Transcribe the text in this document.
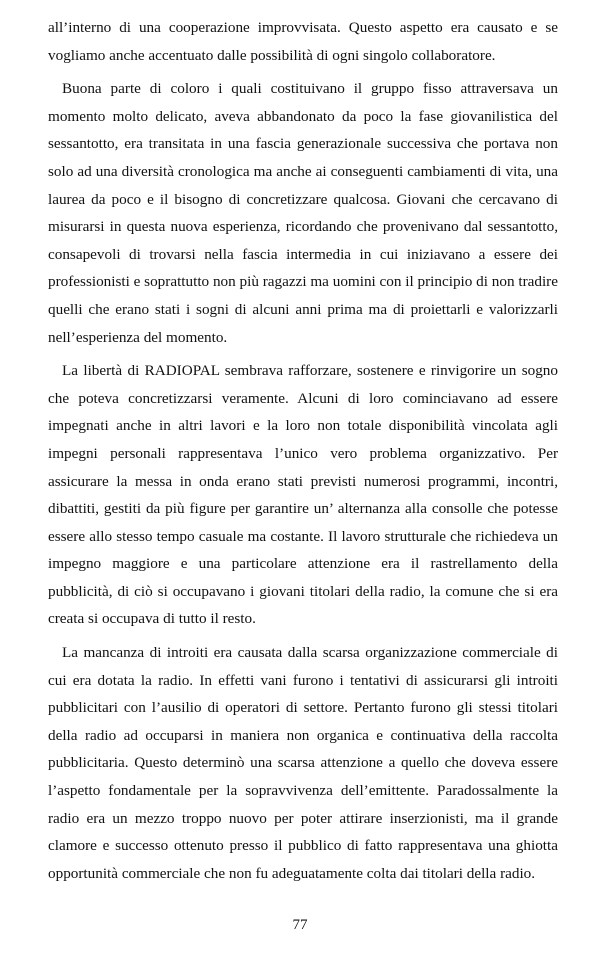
all’interno di una cooperazione improvvisata. Questo aspetto era causato e se vogliamo anche accentuato dalle possibilità di ogni singolo collaboratore.

Buona parte di coloro i quali costituivano il gruppo fisso attraversava un momento molto delicato, aveva abbandonato da poco la fase giovanilistica del sessantotto, era transitata in una fascia generazionale successiva che portava non solo ad una diversità cronologica ma anche ai conseguenti cambiamenti di vita, una laurea da poco e il bisogno di concretizzare qualcosa. Giovani che cercavano di misurarsi in questa nuova esperienza, ricordando che provenivano dal sessantotto, consapevoli di trovarsi nella fascia intermedia in cui iniziavano a essere dei professionisti e soprattutto non più ragazzi ma uomini con il principio di non tradire quelli che erano stati i sogni di alcuni anni prima ma di proiettarli e valorizzarli nell’esperienza del momento.

La libertà di RADIOPAL sembrava rafforzare, sostenere e rinvigorire un sogno che poteva concretizzarsi veramente. Alcuni di loro cominciavano ad essere impegnati anche in altri lavori e la loro non totale disponibilità vincolata agli impegni personali rappresentava l’unico vero problema organizzativo. Per assicurare la messa in onda erano stati previsti numerosi programmi, incontri, dibattiti, gestiti da più figure per garantire un’ alternanza alla consolle che potesse essere allo stesso tempo casuale ma costante. Il lavoro strutturale che richiedeva un impegno maggiore e una particolare attenzione era il rastrellamento della pubblicità, di ciò si occupavano i giovani titolari della radio, la comune che si era creata si occupava di tutto il resto.

La mancanza di introiti era causata dalla scarsa organizzazione commerciale di cui era dotata la radio. In effetti vani furono i tentativi di assicurarsi gli introiti pubblicitari con l’ausilio di operatori di settore. Pertanto furono gli stessi titolari della radio ad occuparsi in maniera non organica e continuativa della raccolta pubblicitaria. Questo determinò una scarsa attenzione a quello che doveva essere l’aspetto fondamentale per la sopravvivenza dell’emittente. Paradossalmente la radio era un mezzo troppo nuovo per poter attirare inserzionisti, ma il grande clamore e successo ottenuto presso il pubblico di fatto rappresentava una ghiotta opportunità commerciale che non fu adeguatamente colta dai titolari della radio.

77
